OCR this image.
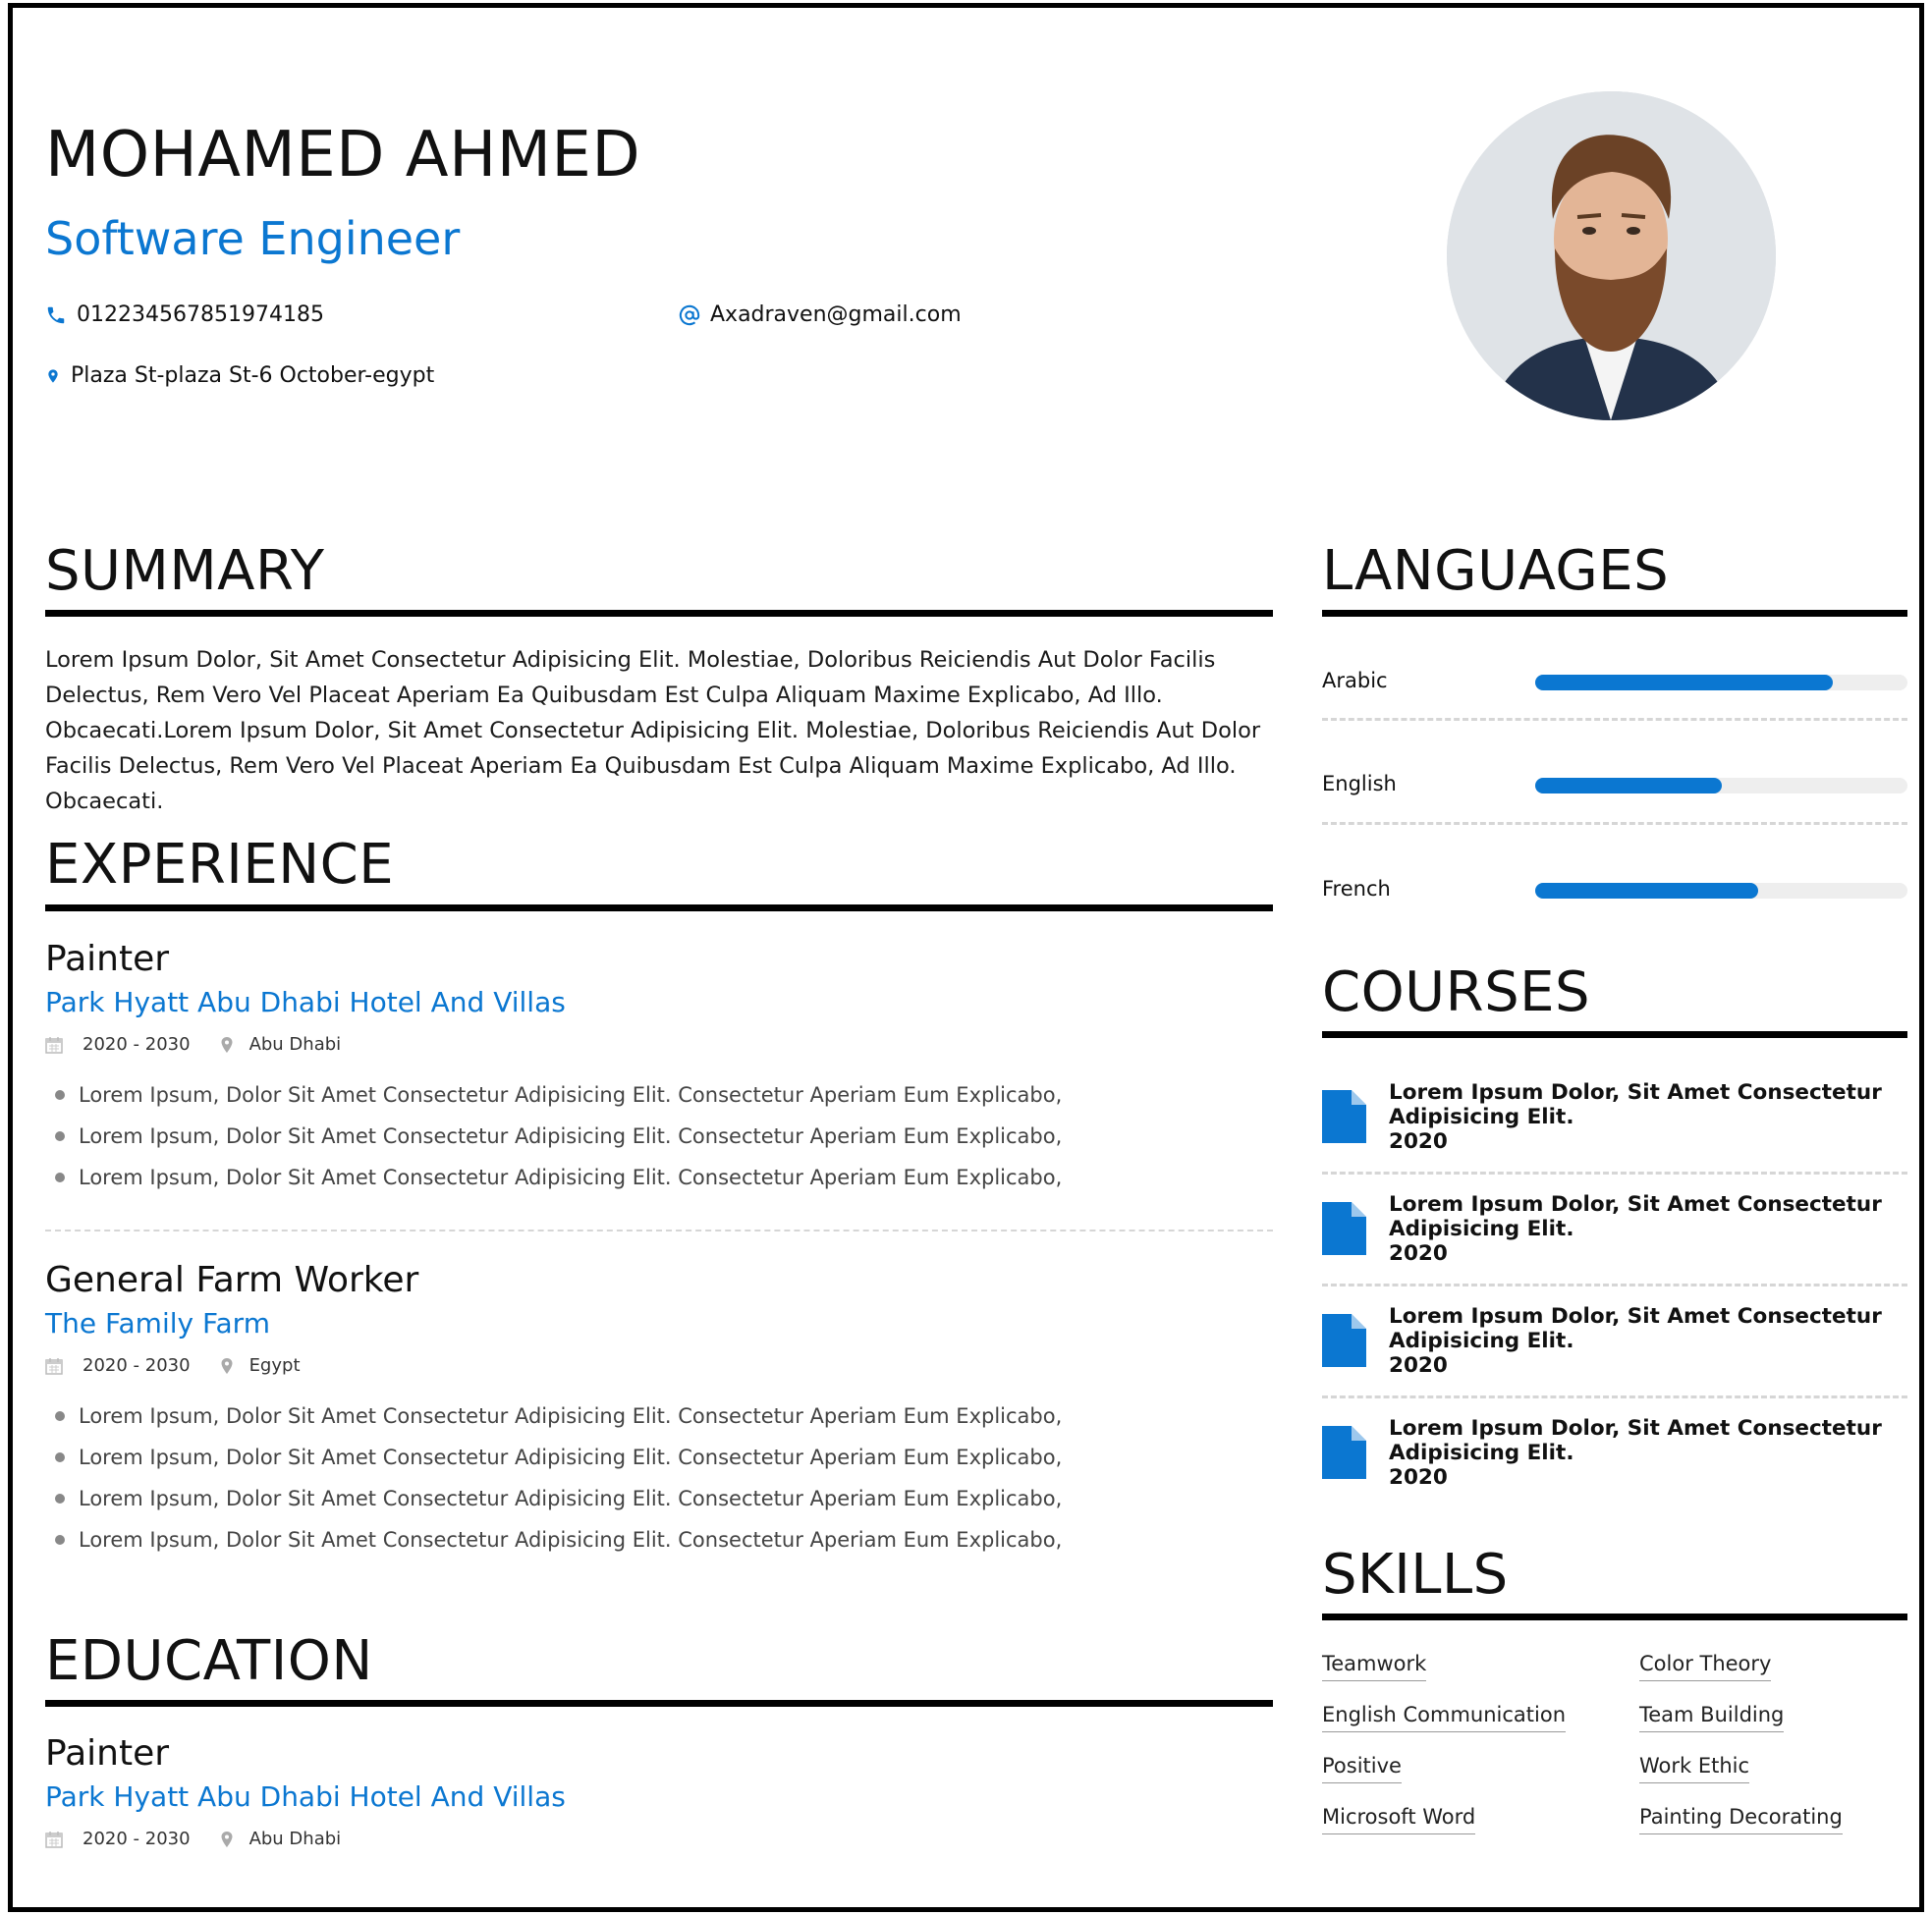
MOHAMED AHMED
Software Engineer
012234567851974185	Axadraven@gmail.com
Plaza St-plaza St-6 October-egypt
SUMMARY
Lorem Ipsum Dolor, Sit Amet Consectetur Adipisicing Elit. Molestiae, Doloribus Reiciendis Aut Dolor Facilis Delectus, Rem Vero Vel Placeat Aperiam Ea Quibusdam Est Culpa Aliquam Maxime Explicabo, Ad Illo. Obcaecati.Lorem Ipsum Dolor, Sit Amet Consectetur Adipisicing Elit. Molestiae, Doloribus Reiciendis Aut Dolor Facilis Delectus, Rem Vero Vel Placeat Aperiam Ea Quibusdam Est Culpa Aliquam Maxime Explicabo, Ad Illo. Obcaecati.
EXPERIENCE
Painter
Park Hyatt Abu Dhabi Hotel And Villas
2020 - 2030	Abu Dhabi
Lorem Ipsum, Dolor Sit Amet Consectetur Adipisicing Elit. Consectetur Aperiam Eum Explicabo,
Lorem Ipsum, Dolor Sit Amet Consectetur Adipisicing Elit. Consectetur Aperiam Eum Explicabo,
Lorem Ipsum, Dolor Sit Amet Consectetur Adipisicing Elit. Consectetur Aperiam Eum Explicabo,
General Farm Worker
The Family Farm
2020 - 2030	Egypt
Lorem Ipsum, Dolor Sit Amet Consectetur Adipisicing Elit. Consectetur Aperiam Eum Explicabo,
Lorem Ipsum, Dolor Sit Amet Consectetur Adipisicing Elit. Consectetur Aperiam Eum Explicabo,
Lorem Ipsum, Dolor Sit Amet Consectetur Adipisicing Elit. Consectetur Aperiam Eum Explicabo,
Lorem Ipsum, Dolor Sit Amet Consectetur Adipisicing Elit. Consectetur Aperiam Eum Explicabo,
EDUCATION
Painter
Park Hyatt Abu Dhabi Hotel And Villas
2020 - 2030	Abu Dhabi
LANGUAGES
Arabic
English
French
COURSES
Lorem Ipsum Dolor, Sit Amet Consectetur
Adipisicing Elit.
2020
Lorem Ipsum Dolor, Sit Amet Consectetur
Adipisicing Elit.
2020
Lorem Ipsum Dolor, Sit Amet Consectetur
Adipisicing Elit.
2020
Lorem Ipsum Dolor, Sit Amet Consectetur
Adipisicing Elit.
2020
SKILLS
Teamwork	Color Theory
English Communication	Team Building
Positive	Work Ethic
Microsoft Word	Painting Decorating
